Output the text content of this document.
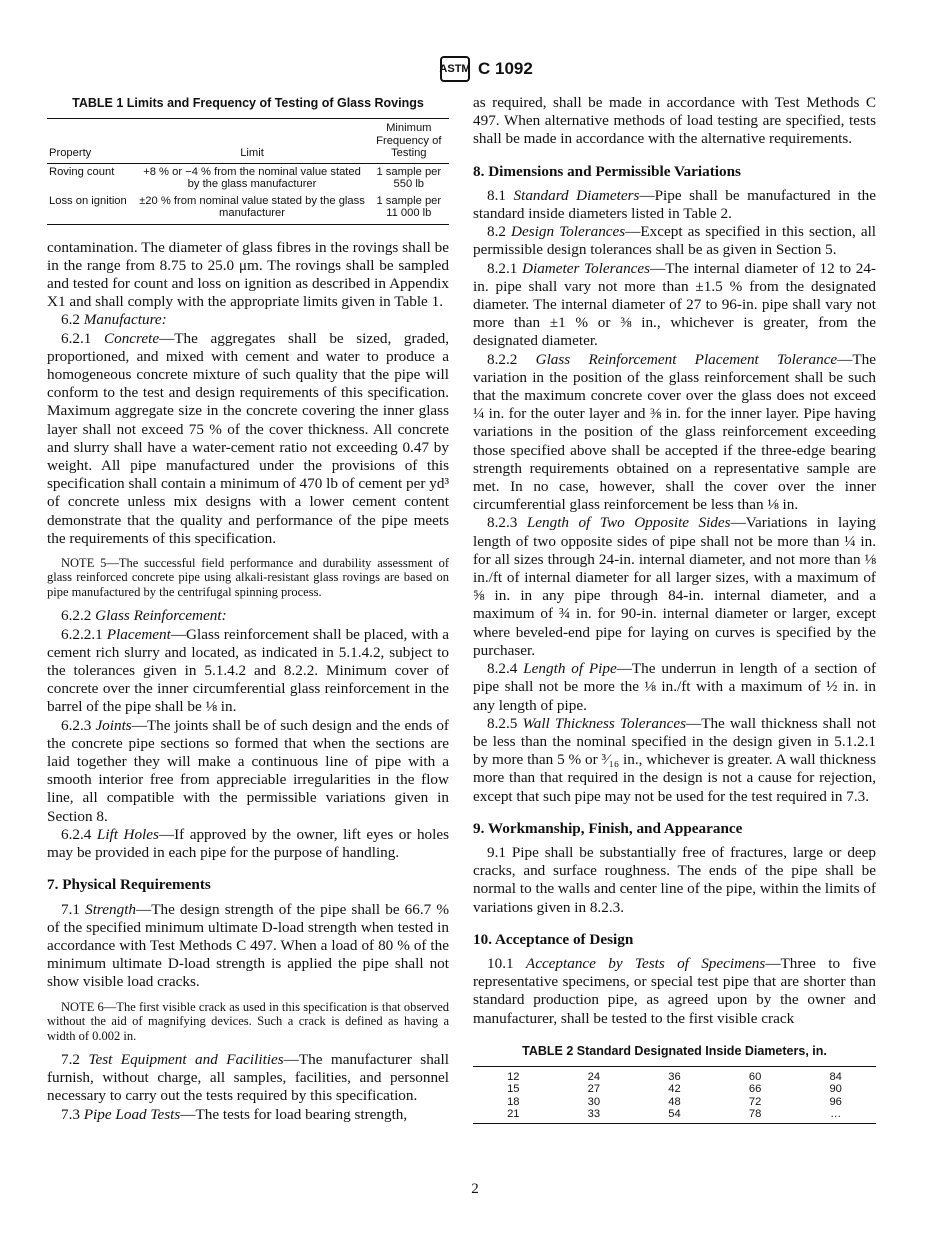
ASTM C 1092
TABLE 1 Limits and Frequency of Testing of Glass Rovings
Property	Limit	Minimum Frequency of Testing
Roving count	+8 % or −4 % from the nominal value stated by the glass manufacturer	1 sample per 550 lb
Loss on ignition	±20 % from nominal value stated by the glass manufacturer	1 sample per 11 000 lb

contamination. The diameter of glass fibres in the rovings shall be in the range from 8.75 to 25.0 μm. The rovings shall be sampled and tested for count and loss on ignition as described in Appendix X1 and shall comply with the appropriate limits given in Table 1.

6.2 Manufacture:

6.2.1 Concrete—The aggregates shall be sized, graded, proportioned, and mixed with cement and water to produce a homogeneous concrete mixture of such quality that the pipe will conform to the test and design requirements of this specification. Maximum aggregate size in the concrete covering the inner glass layer shall not exceed 75 % of the cover thickness. All concrete and slurry shall have a water-cement ratio not exceeding 0.47 by weight. All pipe manufactured under the provisions of this specification shall contain a minimum of 470 lb of cement per yd³ of concrete unless mix designs with a lower cement content demonstrate that the quality and performance of the pipe meets the requirements of this specification.

NOTE 5—The successful field performance and durability assessment of glass reinforced concrete pipe using alkali-resistant glass rovings are based on pipe manufactured by the centrifugal spinning process.

6.2.2 Glass Reinforcement:

6.2.2.1 Placement—Glass reinforcement shall be placed, with a cement rich slurry and located, as indicated in 5.1.4.2, subject to the tolerances given in 5.1.4.2 and 8.2.2. Minimum cover of concrete over the inner circumferential glass reinforcement in the barrel of the pipe shall be ⅛ in.

6.2.3 Joints—The joints shall be of such design and the ends of the concrete pipe sections so formed that when the sections are laid together they will make a continuous line of pipe with a smooth interior free from appreciable irregularities in the flow line, all compatible with the permissible variations given in Section 8.

6.2.4 Lift Holes—If approved by the owner, lift eyes or holes may be provided in each pipe for the purpose of handling.

7. Physical Requirements

7.1 Strength—The design strength of the pipe shall be 66.7 % of the specified minimum ultimate D-load strength when tested in accordance with Test Methods C 497. When a load of 80 % of the minimum ultimate D-load strength is applied the pipe shall not show visible load cracks.

NOTE 6—The first visible crack as used in this specification is that observed without the aid of magnifying devices. Such a crack is defined as having a width of 0.002 in.

7.2 Test Equipment and Facilities—The manufacturer shall furnish, without charge, all samples, facilities, and personnel necessary to carry out the tests required by this specification.

7.3 Pipe Load Tests—The tests for load bearing strength,

as required, shall be made in accordance with Test Methods C 497. When alternative methods of load testing are specified, tests shall be made in accordance with the alternative requirements.

8. Dimensions and Permissible Variations

8.1 Standard Diameters—Pipe shall be manufactured in the standard inside diameters listed in Table 2.

8.2 Design Tolerances—Except as specified in this section, all permissible design tolerances shall be as given in Section 5.

8.2.1 Diameter Tolerances—The internal diameter of 12 to 24-in. pipe shall vary not more than ±1.5 % from the designated diameter. The internal diameter of 27 to 96-in. pipe shall vary not more than ±1 % or ⅜ in., whichever is greater, from the designated diameter.

8.2.2 Glass Reinforcement Placement Tolerance—The variation in the position of the glass reinforcement shall be such that the maximum concrete cover over the glass does not exceed ¼ in. for the outer layer and ⅜ in. for the inner layer. Pipe having variations in the position of the glass reinforcement exceeding those specified above shall be accepted if the three-edge bearing strength requirements obtained on a representative sample are met. In no case, however, shall the cover over the inner circumferential glass reinforcement be less than ⅛ in.

8.2.3 Length of Two Opposite Sides—Variations in laying length of two opposite sides of pipe shall not be more than ¼ in. for all sizes through 24-in. internal diameter, and not more than ⅛ in./ft of internal diameter for all larger sizes, with a maximum of ⅝ in. in any pipe through 84-in. internal diameter, and a maximum of ¾ in. for 90-in. internal diameter or larger, except where beveled-end pipe for laying on curves is specified by the purchaser.

8.2.4 Length of Pipe—The underrun in length of a section of pipe shall not be more the ⅛ in./ft with a maximum of ½ in. in any length of pipe.

8.2.5 Wall Thickness Tolerances—The wall thickness shall not be less than the nominal specified in the design given in 5.1.2.1 by more than 5 % or ³⁄₁₆ in., whichever is greater. A wall thickness more than that required in the design is not a cause for rejection, except that such pipe may not be used for the test required in 7.3.

9. Workmanship, Finish, and Appearance

9.1 Pipe shall be substantially free of fractures, large or deep cracks, and surface roughness. The ends of the pipe shall be normal to the walls and center line of the pipe, within the limits of variations given in 8.2.3.

10. Acceptance of Design

10.1 Acceptance by Tests of Specimens—Three to five representative specimens, or special test pipe that are shorter than standard production pipe, as agreed upon by the owner and manufacturer, shall be tested to the first visible crack

TABLE 2 Standard Designated Inside Diameters, in.
12	24	36	60	84
15	27	42	66	90
18	30	48	72	96
21	33	54	78	…
2
